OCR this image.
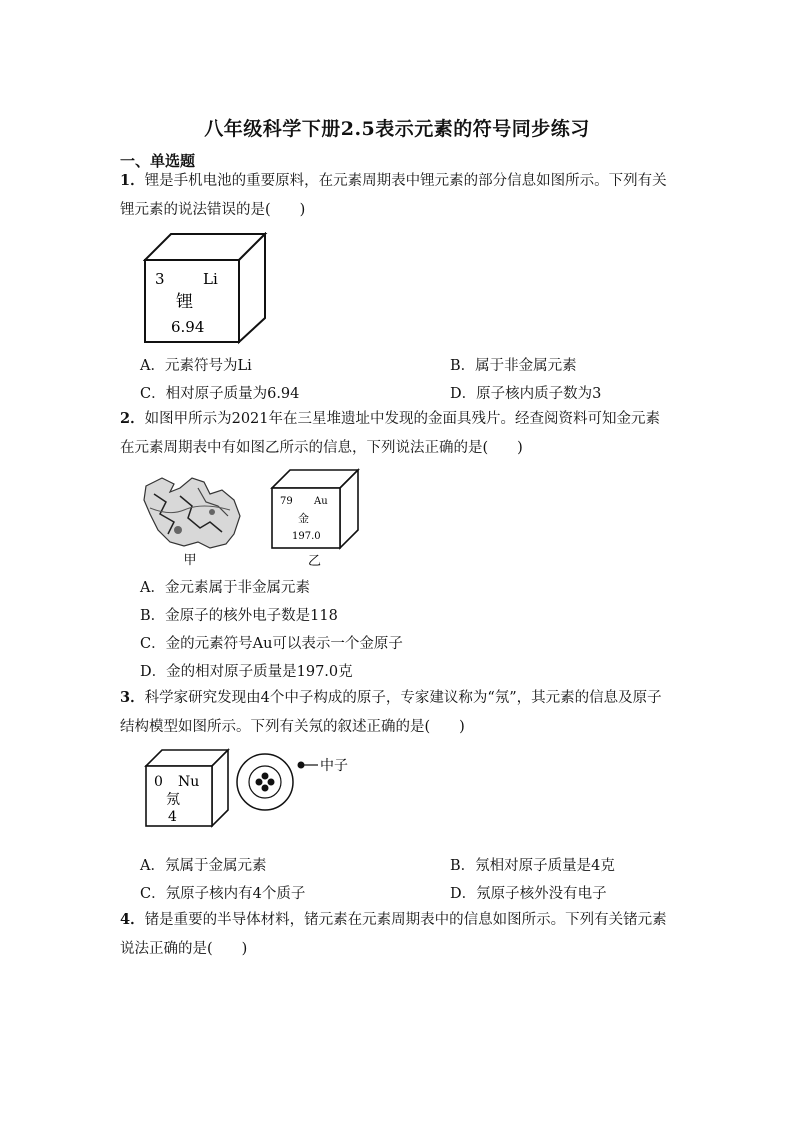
八年级科学下册2.5表示元素的符号同步练习
一、单选题
1．锂是手机电池的重要原料，在元素周期表中锂元素的部分信息如图所示。下列有关
锂元素的说法错误的是(　　)
3	Li
锂
6.94
A．元素符号为Li	B．属于非金属元素
C．相对原子质量为6.94	D．原子核内质子数为3
2．如图甲所示为2021年在三星堆遗址中发现的金面具残片。经查阅资料可知金元素
在元素周期表中有如图乙所示的信息，下列说法正确的是(　　)
甲
79 Au
金
197.0
乙
A．金元素属于非金属元素
B．金原子的核外电子数是118
C．金的元素符号Au可以表示一个金原子
D．金的相对原子质量是197.0克
3．科学家研究发现由4个中子构成的原子，专家建议称为“氖”，其元素的信息及原子
结构模型如图所示。下列有关氖的叙述正确的是(　　)
0 Nu
氖
4
中子
A．氖属于金属元素	B．氖相对原子质量是4克
C．氖原子核内有4个质子	D．氖原子核外没有电子
4．锗是重要的半导体材料，锗元素在元素周期表中的信息如图所示。下列有关锗元素
说法正确的是(　　)
